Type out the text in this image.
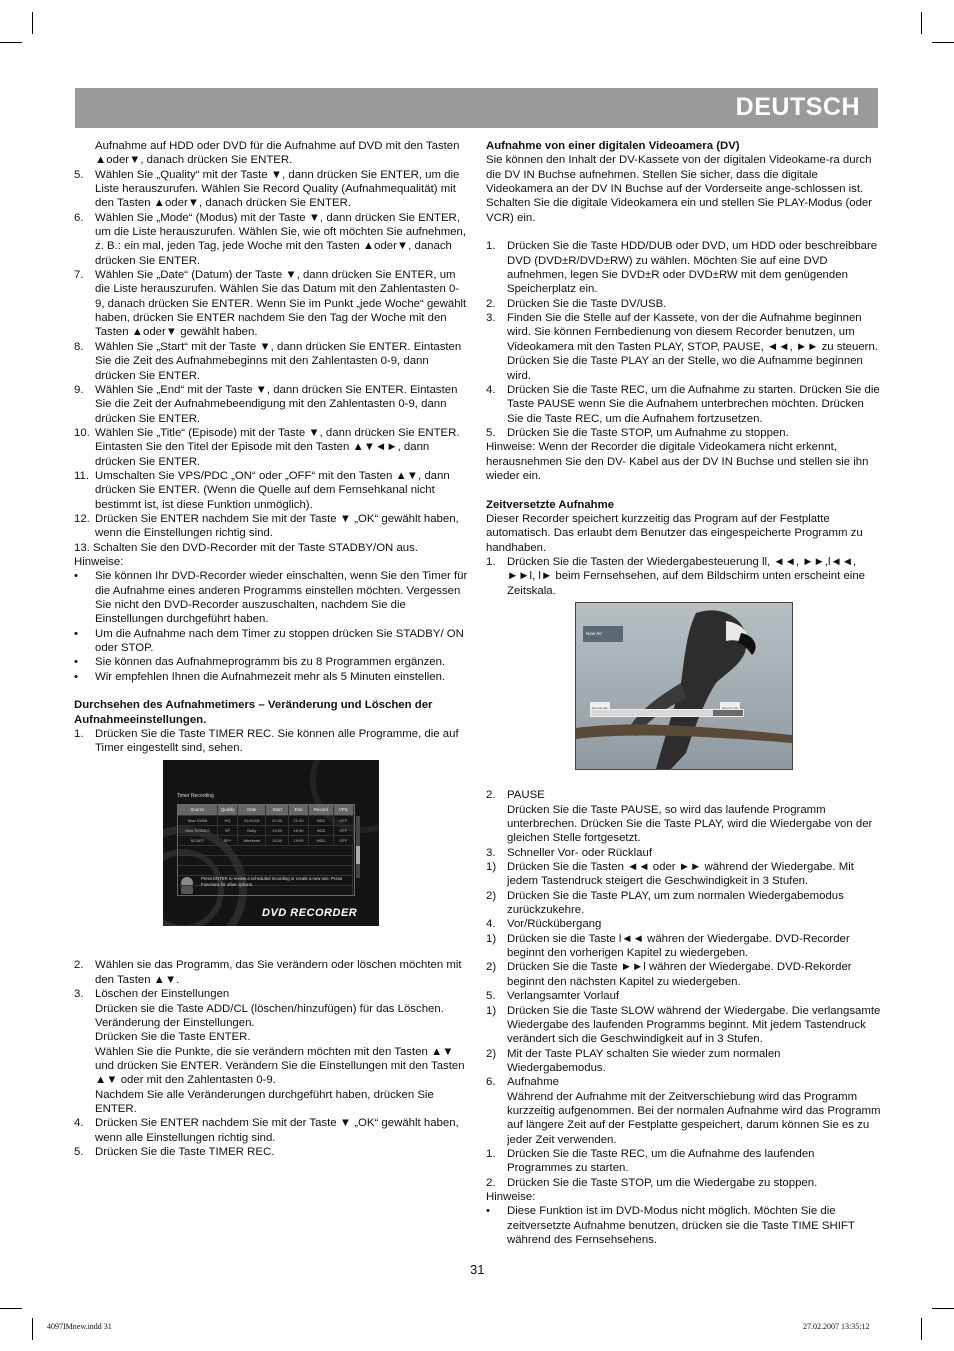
DEUTSCH

Aufnahme auf HDD oder DVD für die Aufnahme auf DVD mit den Tasten ▲oder▼, danach drücken Sie ENTER.

5. Wählen Sie „Quality“ mit der Taste ▼, dann drücken Sie ENTER, um die Liste herauszurufen. Wählen Sie Record Quality (Aufnahmequalität) mit den Tasten ▲oder▼, danach drücken Sie ENTER.

6. Wählen Sie „Mode“ (Modus) mit der Taste ▼, dann drücken Sie ENTER, um die Liste herauszurufen. Wählen Sie, wie oft möchten Sie aufnehmen, z. B.: ein mal, jeden Tag, jede Woche mit den Tasten ▲oder▼, danach drücken Sie ENTER.

7. Wählen Sie „Date“ (Datum) der Taste ▼, dann drücken Sie ENTER, um die Liste herauszurufen. Wählen Sie das Datum mit den Zahlentasten 0-9, danach drücken Sie ENTER. Wenn Sie im Punkt „jede Woche“ gewählt haben, drücken Sie ENTER nachdem Sie den Tag der Woche mit den Tasten ▲oder▼ gewählt haben.

8. Wählen Sie „Start“ mit der Taste ▼, dann drücken Sie ENTER. Eintasten Sie die Zeit des Aufnahmebeginns mit den Zahlentasten 0-9, dann drücken Sie ENTER.

9. Wählen Sie „End“ mit der Taste ▼, dann drücken Sie ENTER. Eintasten Sie die Zeit der Aufnahmebeendigung mit den Zahlentasten 0-9, dann drücken Sie ENTER.

10. Wählen Sie „Title“ (Episode) mit der Taste ▼, dann drücken Sie ENTER. Eintasten Sie den Titel der Episode mit den Tasten ▲▼◄►, dann drücken Sie ENTER.

11. Umschalten Sie VPS/PDC „ON“ oder „OFF“ mit den Tasten ▲▼, dann drücken Sie ENTER. (Wenn die Quelle auf dem Fernsehkanal nicht bestimmt ist, ist diese Funktion unmöglich).

12. Drücken Sie ENTER nachdem Sie mit der Taste ▼ „OK“ gewählt haben, wenn die Einstellungen richtig sind.

13. Schalten Sie den DVD-Recorder mit der Taste STADBY/ON aus.

Hinweise:

• Sie können Ihr DVD-Recorder wieder einschalten, wenn Sie den Timer für die Aufnahme eines anderen Programms einstellen möchten. Vergessen Sie nicht den DVD-Recorder auszuschalten, nachdem Sie die Einstellungen durchgeführt haben.

• Um die Aufnahme nach dem Timer zu stoppen drücken Sie STADBY/ ON oder STOP.

• Sie können das Aufnahmeprogramm bis zu 8 Programmen ergänzen.

• Wir empfehlen Ihnen die Aufnahmezeit mehr als 5 Minuten einstellen.

Durchsehen des Aufnahmetimers – Veränderung und Löschen der Aufnahmeeinstellungen.

1. Drücken Sie die Taste TIMER REC. Sie können alle Programme, die auf Timer eingestellt sind, sehen.

Timer Recording
Source	Quality	Date	Start	End	Record	VPS
Now DVB8	HQ	01/01/06	20:00	21:00	HDD	OFF
Now SVIDEO	SP	Daily	19:00	19:30	HDD	OFF
SCART	SP+	Weekend	18:00	19:00	HDD	OFF
Press ENTER to review a scheduled recording or create a new one. Press Functions for other options.
DVD RECORDER

2. Wählen sie das Programm, das Sie verändern oder löschen möchten mit den Tasten ▲▼.

3. Löschen der Einstellungen

Drücken sie die Taste ADD/CL (löschen/hinzufügen) für das Löschen.

Veränderung der Einstellungen.

Drücken Sie die Taste ENTER.

Wählen Sie die Punkte, die sie verändern möchten mit den Tasten ▲▼ und drücken Sie ENTER. Verändern Sie die Einstellungen mit den Tasten ▲▼ oder mit den Zahlentasten 0-9.

Nachdem Sie alle Veränderungen durchgeführt haben, drücken Sie ENTER.

4. Drücken Sie ENTER nachdem Sie mit der Taste ▼ „OK“ gewählt haben, wenn alle Einstellungen richtig sind.

5. Drücken Sie die Taste TIMER REC.

Aufnahme von einer digitalen Videoamera (DV)

Sie können den Inhalt der DV-Kassete von der digitalen Videokame-ra durch die DV IN Buchse aufnehmen. Stellen Sie sicher, dass die digitale Videokamera an der DV IN Buchse auf der Vorderseite ange-schlossen ist. Schalten Sie die digitale Videokamera ein und stellen Sie PLAY-Modus (oder VCR) ein.

1. Drücken Sie die Taste HDD/DUB oder DVD, um HDD oder beschreibbare DVD (DVD±R/DVD±RW) zu wählen. Möchten Sie auf eine DVD aufnehmen, legen Sie DVD±R oder DVD±RW mit dem genügenden Speicherplatz ein.

2. Drücken Sie die Taste DV/USB.

3. Finden Sie die Stelle auf der Kassete, von der die Aufnahme beginnen wird. Sie können Fernbedienung von diesem Recorder benutzen, um Videokamera mit den Tasten PLAY, STOP, PAUSE, ◄◄, ►► zu steuern. Drücken Sie die Taste PLAY an der Stelle, wo die Aufnamme beginnen wird.

4. Drücken Sie die Taste REC, um die Aufnahme zu starten. Drücken Sie die Taste PAUSE wenn Sie die Aufnahem unterbrechen möchten. Drücken Sie die Taste REC, um die Aufnahem fortzusetzen.

5. Drücken Sie die Taste STOP, um Aufnahme zu stoppen.

Hinweise: Wenn der Recorder die digitale Videokamera nicht erkennt, herausnehmen Sie den DV- Kabel aus der DV IN Buchse und stellen sie ihn wieder ein.

Zeitversetzte Aufnahme

Dieser Recorder speichert kurzzeitig das Program auf der Festplatte automatisch. Das erlaubt dem Benutzer das eingespeicherte Programm zu handhaben.

1. Drücken Sie die Tasten der Wiedergabesteuerung ll, ◄◄, ►►,l◄◄, ►►l, l► beim Fernsehsehen, auf dem Bildschirm unten erscheint eine Zeitskala.

Now AV

2. PAUSE

Drücken Sie die Taste PAUSE, so wird das laufende Programm unterbrechen. Drücken Sie die Taste PLAY, wird die Wiedergabe von der gleichen Stelle fortgesetzt.

3. Schneller Vor- oder Rücklauf

1) Drücken Sie die Tasten ◄◄ oder ►► während der Wiedergabe. Mit jedem Tastendruck steigert die Geschwindigkeit in 3 Stufen.

2) Drücken Sie die Taste PLAY, um zum normalen Wiedergabemodus zurückzukehre.

4. Vor/Rückübergang

1) Drücken sie die Taste l◄◄ währen der Wiedergabe. DVD-Recorder beginnt den vorherigen Kapitel zu wiedergeben.

2) Drücken Sie die Taste ►►l währen der Wiedergabe. DVD-Rekorder beginnt den nächsten Kapitel zu wiedergeben.

5. Verlangsamter Vorlauf

1) Drücken Sie die Taste SLOW während der Wiedergabe. Die verlangsamte Wiedergabe des laufenden Programms beginnt. Mit jedem Tastendruck verändert sich die Geschwindigkeit auf in 3 Stufen.

2) Mit der Taste PLAY schalten Sie wieder zum normalen Wiedergabemodus.

6. Aufnahme

Während der Aufnahme mit der Zeitverschiebung wird das Programm kurzzeitig aufgenommen. Bei der normalen Aufnahme wird das Programm auf längere Zeit auf der Festplatte gespeichert, darum können Sie es zu jeder Zeit verwenden.

1. Drücken Sie die Taste REC, um die Aufnahme des laufenden Programmes zu starten.

2. Drücken Sie die Taste STOP, um die Wiedergabe zu stoppen.

Hinweise:

• Diese Funktion ist im DVD-Modus nicht möglich. Möchten Sie die zeitversetzte Aufnahme benutzen, drücken sie die Taste TIME SHIFT während des Fernsehsehens.

31
4097IMnew.indd 31	27.02.2007 13:35:12
